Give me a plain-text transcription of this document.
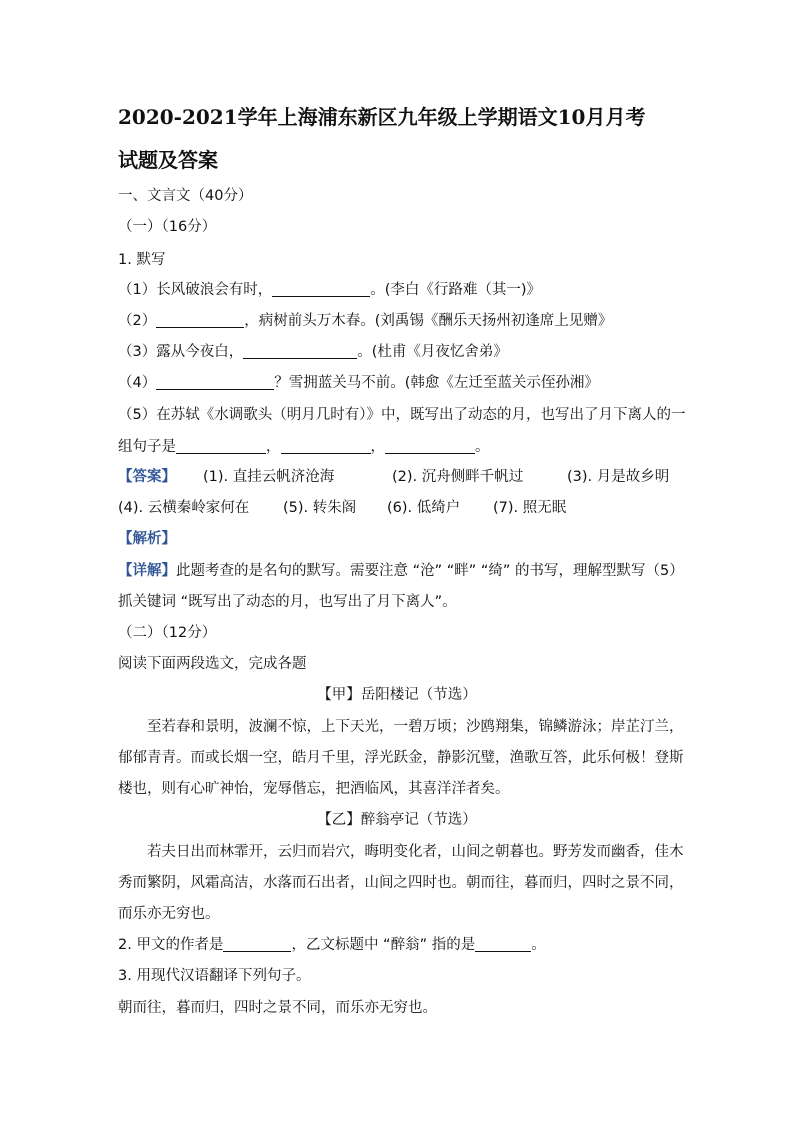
2020-2021学年上海浦东新区九年级上学期语文10月月考
试题及答案
一、文言文（40分）
（一）（16分）
1. 默写
（1）长风破浪会有时，	。(李白《行路难（其一)》
（2）	，病树前头万木春。(刘禹锡《酬乐天扬州初逢席上见赠》
（3）露从今夜白，	。(杜甫《月夜忆舍弟》
（4）	？雪拥蓝关马不前。(韩愈《左迁至蓝关示侄孙湘》
（5）在苏轼《水调歌头（明月几时有）》中，既写出了动态的月，也写出了月下离人的一
组句子是	，	，	。
【答案】 (1). 直挂云帆济沧海	(2). 沉舟侧畔千帆过	(3). 月是故乡明
(4). 云横秦岭家何在 (5). 转朱阁 (6). 低绮户 (7). 照无眠
【解析】
【详解】此题考查的是名句的默写。需要注意 “沧” “畔” “绮” 的书写，理解型默写（5）
抓关键词 “既写出了动态的月，也写出了月下离人”。
（二）（12分）
阅读下面两段选文，完成各题
【甲】岳阳楼记（节选）
至若春和景明，波澜不惊，上下天光，一碧万顷；沙鸥翔集，锦鳞游泳；岸芷汀兰，
郁郁青青。而或长烟一空，皓月千里，浮光跃金，静影沉璧，渔歌互答，此乐何极！登斯
楼也，则有心旷神怡，宠辱偕忘，把酒临风，其喜洋洋者矣。
【乙】醉翁亭记（节选）
若夫日出而林霏开，云归而岩穴，晦明变化者，山间之朝暮也。野芳发而幽香，佳木
秀而繁阴，风霜高洁，水落而石出者，山间之四时也。朝而往，暮而归，四时之景不同，
而乐亦无穷也。
2. 甲文的作者是	，乙文标题中 “醉翁” 指的是	。
3. 用现代汉语翻译下列句子。
朝而往，暮而归，四时之景不同，而乐亦无穷也。
